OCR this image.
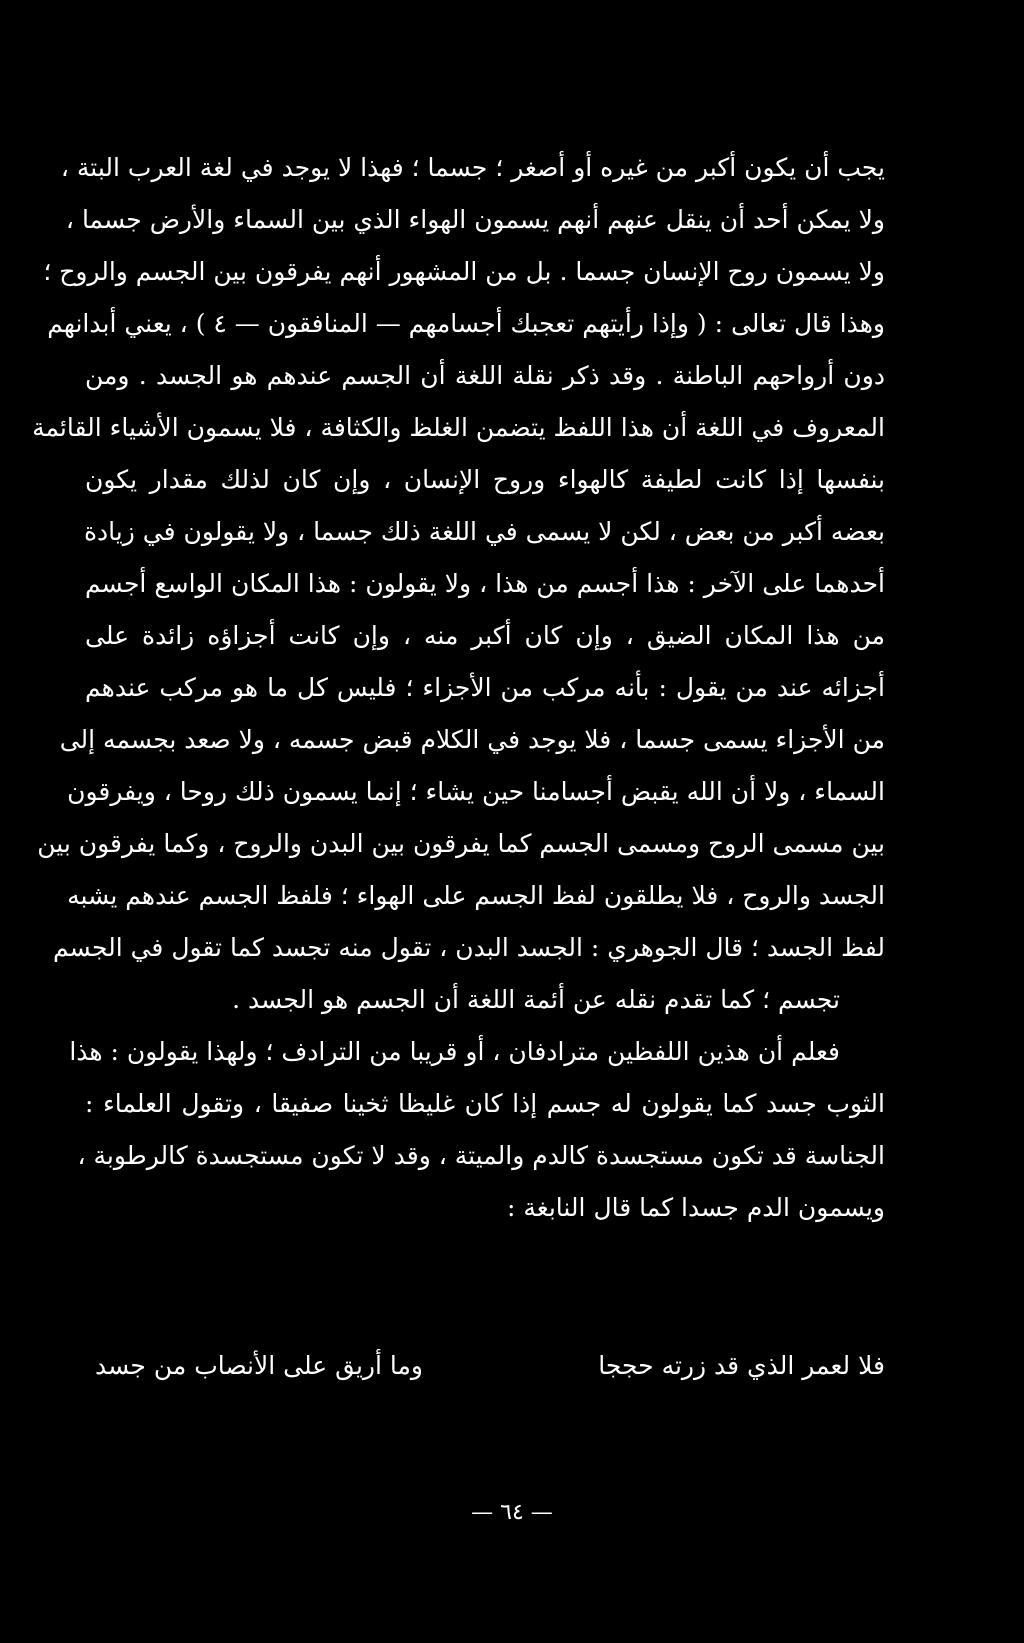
يجب أن يكون أكبر من غيره أو أصغر ؛ جسما ؛ فهذا لا يوجد في لغة العرب البتة ،
ولا يمكن أحد أن ينقل عنهم أنهم يسمون الهواء الذي بين السماء والأرض جسما ،
ولا يسمون روح الإنسان جسما . بل من المشهور أنهم يفرقون بين الجسم والروح ؛
وهذا قال تعالى : ( وإذا رأيتهم تعجبك أجسامهم — المنافقون — ٤ ) ، يعني أبدانهم
دون أرواحهم الباطنة . وقد ذكر نقلة اللغة أن الجسم عندهم هو الجسد . ومن
المعروف في اللغة أن هذا اللفظ يتضمن الغلظ والكثافة ، فلا يسمون الأشياء القائمة
بنفسها إذا كانت لطيفة كالهواء وروح الإنسان ، وإن كان لذلك مقدار يكون
بعضه أكبر من بعض ، لكن لا يسمى في اللغة ذلك جسما ، ولا يقولون في زيادة
أحدهما على الآخر : هذا أجسم من هذا ، ولا يقولون : هذا المكان الواسع أجسم
من هذا المكان الضيق ، وإن كان أكبر منه ، وإن كانت أجزاؤه زائدة على
أجزائه عند من يقول : بأنه مركب من الأجزاء ؛ فليس كل ما هو مركب عندهم
من الأجزاء يسمى جسما ، فلا يوجد في الكلام قبض جسمه ، ولا صعد بجسمه إلى
السماء ، ولا أن الله يقبض أجسامنا حين يشاء ؛ إنما يسمون ذلك روحا ، ويفرقون
بين مسمى الروح ومسمى الجسم كما يفرقون بين البدن والروح ، وكما يفرقون بين
الجسد والروح ، فلا يطلقون لفظ الجسم على الهواء ؛ فلفظ الجسم عندهم يشبه
لفظ الجسد ؛ قال الجوهري : الجسد البدن ، تقول منه تجسد كما تقول في الجسم
تجسم ؛ كما تقدم نقله عن أئمة اللغة أن الجسم هو الجسد .
فعلم أن هذين اللفظين مترادفان ، أو قريبا من الترادف ؛ ولهذا يقولون : هذا
الثوب جسد كما يقولون له جسم إذا كان غليظا ثخينا صفيقا ، وتقول العلماء :
الجناسة قد تكون مستجسدة كالدم والميتة ، وقد لا تكون مستجسدة كالرطوبة ،
ويسمون الدم جسدا كما قال النابغة :
فلا لعمر الذي قد زرته حججا
وما أريق على الأنصاب من جسد
— ٦٤ —
